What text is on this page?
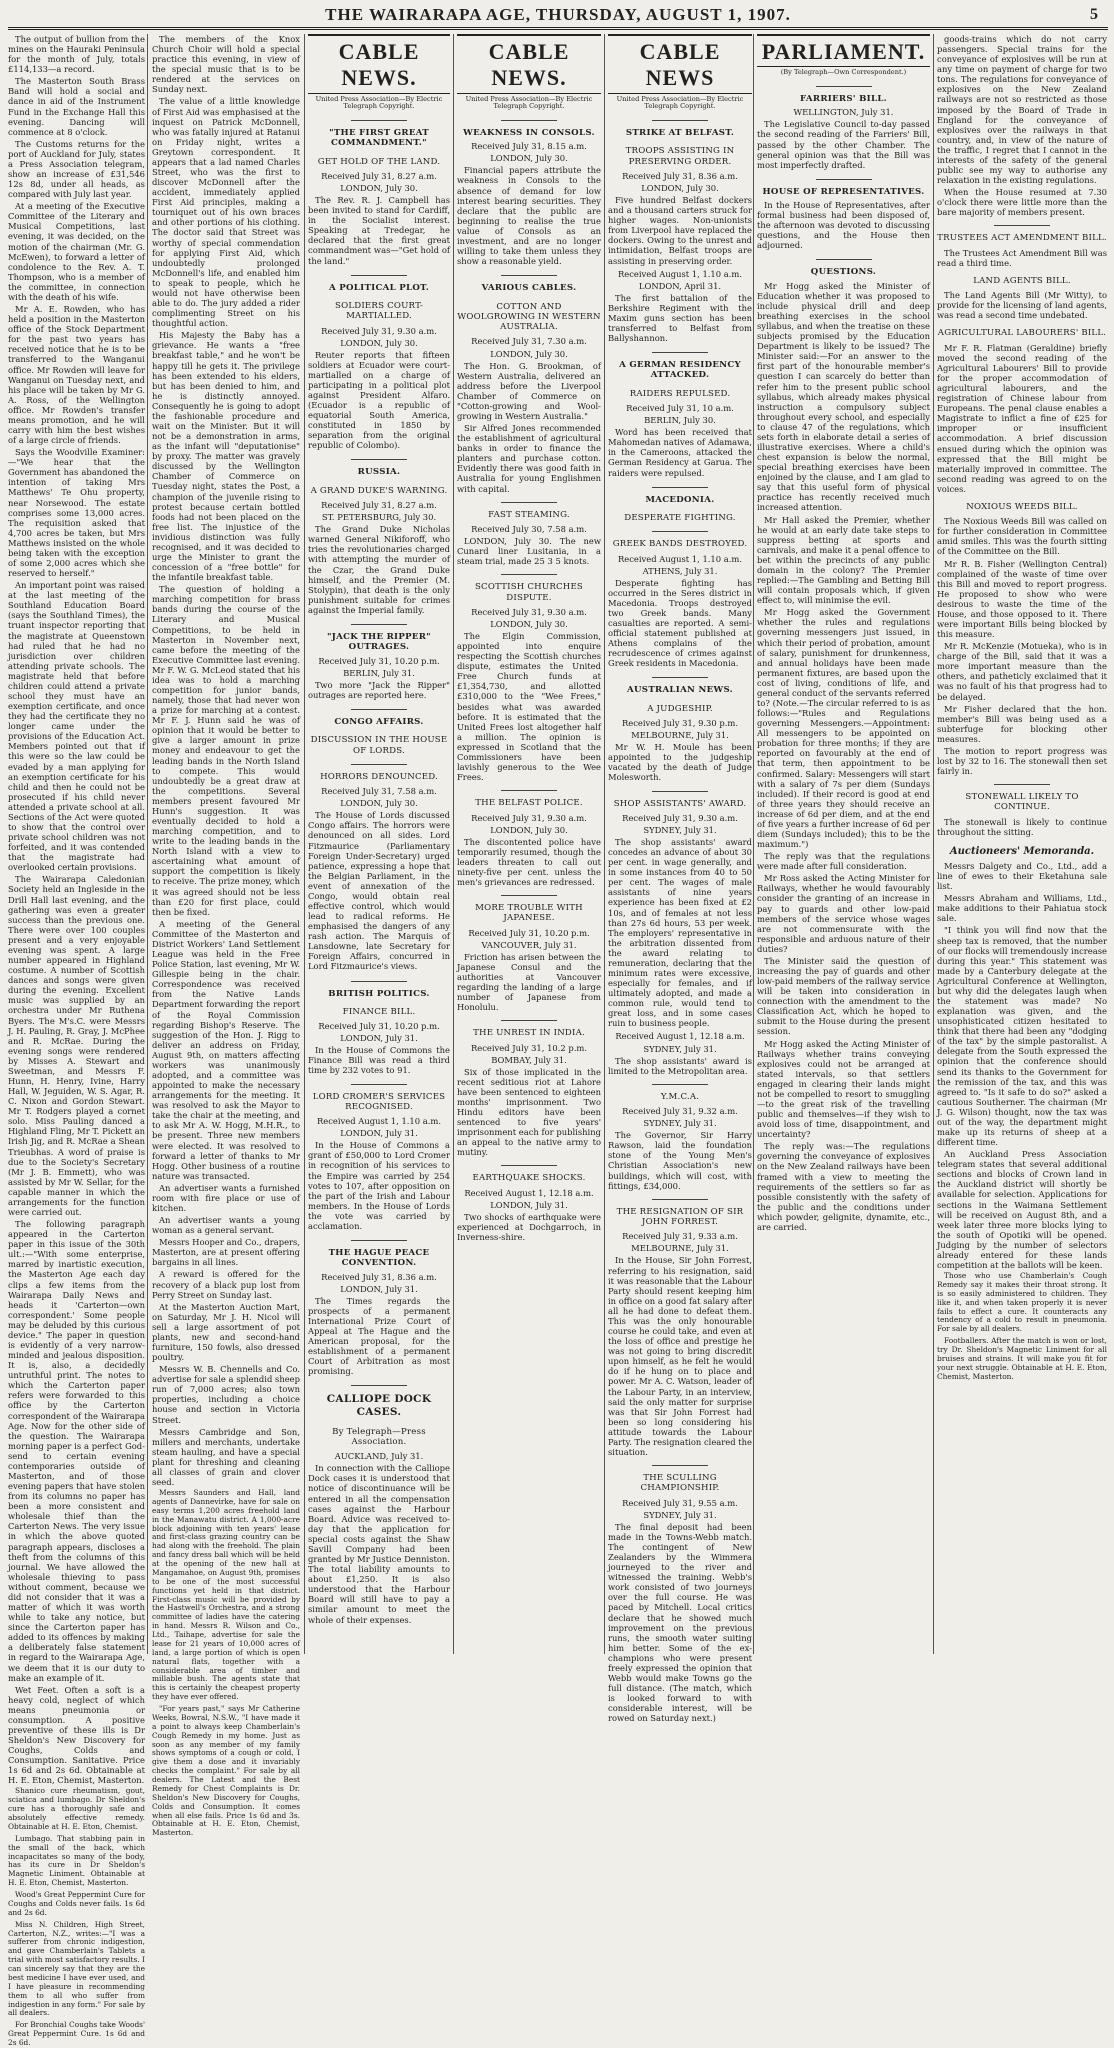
THE WAIRARAPA AGE, THURSDAY, AUGUST 1, 1907.	5

The output of bullion from the mines on the Hauraki Peninsula for the month of July, totals £114,133—a record.

The Masterton South Brass Band will hold a social and dance in aid of the Instrument Fund in the Exchange Hall this evening. Dancing will commence at 8 o'clock.

The Customs returns for the port of Auckland for July, states a Press Association telegram, show an increase of £31,546 12s 8d, under all heads, as compared with July last year.

At a meeting of the Executive Committee of the Literary and Musical Competitions, last evening, it was decided, on the motion of the chairman (Mr. G. McEwen), to forward a letter of condolence to the Rev. A. T. Thompson, who is a member of the committee, in connection with the death of his wife.

Mr A. E. Rowden, who has held a position in the Masterton office of the Stock Department for the past two years has received notice that he is to be transferred to the Wanganui office. Mr Rowden will leave for Wanganui on Tuesday next, and his place will be taken by Mr G. A. Ross, of the Wellington office. Mr Rowden's transfer means promotion, and he will carry with him the best wishes of a large circle of friends.

Says the Woodville Examiner:—"We hear that the Government has abandoned the intention of taking Mrs Matthews' Te Ohu property, near Norsewood. The estate comprises some 13,000 acres. The requisition asked that 4,700 acres be taken, but Mrs Matthews insisted on the whole being taken with the exception of some 2,000 acres which she reserved to herself."

An important point was raised at the last meeting of the Southland Education Board (says the Southland Times), the truant inspector reporting that the magistrate at Queenstown had ruled that he had no jurisdiction over children attending private schools. The magistrate held that before children could attend a private school they must have an exemption certificate, and once they had the certificate they no longer came under the provisions of the Education Act. Members pointed out that if this were so the law could be evaded by a man applying for an exemption certificate for his child and then he could not be prosecuted if his child never attended a private school at all. Sections of the Act were quoted to show that the control over private school children was not forfeited, and it was contended that the magistrate had overlooked certain provisions.

The Wairarapa Caledonian Society held an Ingleside in the Drill Hall last evening, and the gathering was even a greater success than the previous one. There were over 100 couples present and a very enjoyable evening was spent. A large number appeared in Highland costume. A number of Scottish dances and songs were given during the evening. Excellent music was supplied by an orchestra under Mr Ruthena Byers. The M's.C. were Messrs J. H. Pauling, R. Gray, J. McPhee and R. McRae. During the evening songs were rendered by Misses A. Stewart and Sweetman, and Messrs F. Hunn, H. Henry, Ivine, Harry Hall, W. Jeguiden, W. S. Agar, R. C. Nixon and Gordon Stewart. Mr T. Rodgers played a cornet solo. Miss Pauling danced a Highland Fling, Mr T. Pickett an Irish Jig, and R. McRae a Shean Trieubhas. A word of praise is due to the Society's Secretary (Mr J. B. Emmett), who was assisted by Mr W. Sellar, for the capable manner in which the arrangements for the function were carried out.

The following paragraph appeared in the Carterton paper in this issue of the 30th ult.:—"With some enterprise, marred by inartistic execution, the Masterton Age each day clips a few items from the Wairarapa Daily News and heads it 'Carterton—own correspondent.' Some people may be deluded by this curious device." The paper in question is evidently of a very narrow-minded and jealous disposition. It is, also, a decidedly untruthful print. The notes to which the Carterton paper refers were forwarded to this office by the Carterton correspondent of the Wairarapa Age. Now for the other side of the question. The Wairarapa morning paper is a perfect God-send to certain evening contemporaries outside of Masterton, and of those evening papers that have stolen from its columns no paper has been a more consistent and wholesale thief than the Carterton News. The very issue in which the above quoted paragraph appears, discloses a theft from the columns of this journal. We have allowed the wholesale thieving to pass without comment, because we did not consider that it was a matter of which it was worth while to take any notice, but since the Carterton paper has added to its offences by making a deliberately false statement in regard to the Wairarapa Age, we deem that it is our duty to make an example of it.

Wet Feet. Often a soft is a heavy cold, neglect of which means pneumonia or consumption. A positive preventive of these ills is Dr Sheldon's New Discovery for Coughs, Colds and Consumption. Sanitative. Price 1s 6d and 2s 6d. Obtainable at H. E. Eton, Chemist, Masterton.

Shanico cure rheumatism, gout, sciatica and lumbago. Dr Sheldon's cure has a thoroughly safe and absolutely effective remedy. Obtainable at H. E. Eton, Chemist.

Lumbago. That stabbing pain in the small of the back, which incapacitates so many of the body, has its cure in Dr Sheldon's Magnetic Liniment. Obtainable at H. E. Eton, Chemist, Masterton.

Wood's Great Peppermint Cure for Coughs and Colds never fails. 1s 6d and 2s 6d.

Miss N. Children, High Street, Carterton, N.Z., writes:—"I was a sufferer from chronic indigestion, and gave Chamberlain's Tablets a trial with most satisfactory results. I can sincerely say that they are the best medicine I have ever used, and I have pleasure in recommending them to all who suffer from indigestion in any form." For sale by all dealers.

For Bronchial Coughs take Woods' Great Peppermint Cure. 1s 6d and 2s 6d.

The members of the Knox Church Choir will hold a special practice this evening, in view of the special music that is to be rendered at the services on Sunday next.

The value of a little knowledge of First Aid was emphasised at the inquest on Patrick McDonnell, who was fatally injured at Ratanui on Friday night, writes a Greytown correspondent. It appears that a lad named Charles Street, who was the first to discover McDonnell after the accident, immediately applied First Aid principles, making a tourniquet out of his own braces and other portions of his clothing. The doctor said that Street was worthy of special commendation for applying First Aid, which undoubtedly prolonged McDonnell's life, and enabled him to speak to people, which he would not have otherwise been able to do. The jury added a rider complimenting Street on his thoughtful action.

His Majesty the Baby has a grievance. He wants a "free breakfast table," and he won't be happy till he gets it. The privilege has been extended to his elders, but has been denied to him, and he is distinctly annoyed. Consequently he is going to adopt the fashionable procedure and wait on the Minister. But it will not be a demonstration in arms, as the infant will "deputationise" by proxy. The matter was gravely discussed by the Wellington Chamber of Commerce on Tuesday night, states the Post, a champion of the juvenile rising to protest because certain bottled foods had not been placed on the free list. The injustice of the invidious distinction was fully recognised, and it was decided to urge the Minister to grant the concession of a "free bottle" for the infantile breakfast table.

The question of holding a marching competition for brass bands during the course of the Literary and Musical Competitions, to be held in Masterton in November next, came before the meeting of the Executive Committee last evening. Mr F. W. G. McLeod stated that his idea was to hold a marching competition for junior bands, namely, those that had never won a prize for marching at a contest. Mr F. J. Hunn said he was of opinion that it would be better to give a larger amount in prize money and endeavour to get the leading bands in the North Island to compete. This would undoubtedly be a great draw at the competitions. Several members present favoured Mr Hunn's suggestion. It was eventually decided to hold a marching competition, and to write to the leading bands in the North Island with a view to ascertaining what amount of support the competition is likely to receive. The prize money, which it was agreed should not be less than £20 for first place, could then be fixed.

A meeting of the General Committee of the Masterton and District Workers' Land Settlement League was held in the Free Police Station, last evening, Mr W. Gillespie being in the chair. Correspondence was received from the Native Lands Department forwarding the report of the Royal Commission regarding Bishop's Reserve. The suggestion of the Hon. J. Rigg to deliver an address on Friday, August 9th, on matters affecting workers was unanimously adopted, and a committee was appointed to make the necessary arrangements for the meeting. It was resolved to ask the Mayor to take the chair at the meeting, and to ask Mr A. W. Hogg, M.H.R., to be present. Three new members were elected. It was resolved to forward a letter of thanks to Mr Hogg. Other business of a routine nature was transacted.

An advertiser wants a furnished room with fire place or use of kitchen.

An advertiser wants a young woman as a general servant.

Messrs Hooper and Co., drapers, Masterton, are at present offering bargains in all lines.

A reward is offered for the recovery of a black pup lost from Perry Street on Sunday last.

At the Masterton Auction Mart, on Saturday, Mr J. H. Nicol will sell a large assortment of pot plants, new and second-hand furniture, 150 fowls, also dressed poultry.

Messrs W. B. Chennells and Co. advertise for sale a splendid sheep run of 7,000 acres; also town properties, including a choice house and section in Victoria Street.

Messrs Cambridge and Son, millers and merchants, undertake steam hauling, and have a special plant for threshing and cleaning all classes of grain and clover seed.

Messrs Saunders and Hall, land agents of Dannevirke, have for sale on easy terms 1,200 acres freehold land in the Manawatu district. A 1,000-acre block adjoining with ten years' lease and first-class grazing country can be had along with the freehold. The plain and fancy dress ball which will be held at the opening of the new hall at Mangamahoe, on August 9th, promises to be one of the most successful functions yet held in that district. First-class music will be provided by the Hastwell's Orchestra, and a strong committee of ladies have the catering in hand. Messrs R. Wilson and Co., Ltd., Taihape, advertise for sale the lease for 21 years of 10,000 acres of land, a large portion of which is open natural flats, together with a considerable area of timber and millable bush. The agents state that this is certainly the cheapest property they have ever offered.

"For years past," says Mr Catherine Weeks, Bowral, N.S.W., "I have made it a point to always keep Chamberlain's Cough Remedy in my home. Just as soon as any member of my family shows symptoms of a cough or cold, I give them a dose and it invariably checks the complaint." For sale by all dealers. The Latest and the Best Remedy for Chest Complaints is Dr. Sheldon's New Discovery for Coughs, Colds and Consumption. It comes when all else fails. Price 1s 6d and 3s. Obtainable at H. E. Eton, Chemist, Masterton.

CABLE NEWS.
United Press Association—By Electric Telegraph Copyright.
"THE FIRST GREAT COMMANDMENT."
GET HOLD OF THE LAND.

Received July 31, 8.27 a.m.

LONDON, July 30.

The Rev. R. J. Campbell has been invited to stand for Cardiff, in the Socialist interest. Speaking at Tredegar, he declared that the first great commandment was—"Get hold of the land."

A POLITICAL PLOT.
SOLDIERS COURT-MARTIALLED.

Received July 31, 9.30 a.m.

LONDON, July 30.

Reuter reports that fifteen soldiers at Ecuador were court-martialled on a charge of participating in a political plot against President Alfaro. (Ecuador is a republic of equatorial South America, constituted in 1850 by separation from the original republic of Colombo).

RUSSIA.
A GRAND DUKE'S WARNING.

Received July 31, 8.27 a.m.

ST. PETERSBURG, July 30.

The Grand Duke Nicholas warned General Nikiforoff, who tries the revolutionaries charged with attempting the murder of the Czar, the Grand Duke himself, and the Premier (M. Stolypin), that death is the only punishment suitable for crimes against the Imperial family.

"JACK THE RIPPER" OUTRAGES.

Received July 31, 10.20 p.m.

BERLIN, July 31.

Two more "Jack the Ripper" outrages are reported here.

CONGO AFFAIRS.
DISCUSSION IN THE HOUSE OF LORDS.
HORRORS DENOUNCED.

Received July 31, 7.58 a.m.

LONDON, July 30.

The House of Lords discussed Congo affairs. The horrors were denounced on all sides. Lord Fitzmaurice (Parliamentary Foreign Under-Secretary) urged patience, expressing a hope that the Belgian Parliament, in the event of annexation of the Congo, would obtain real effective control, which would lead to radical reforms. He emphasised the dangers of any rash action. The Marquis of Lansdowne, late Secretary for Foreign Affairs, concurred in Lord Fitzmaurice's views.

BRITISH POLITICS.
FINANCE BILL.

Received July 31, 10.20 p.m.

LONDON, July 31.

In the House of Commons the Finance Bill was read a third time by 232 votes to 91.

LORD CROMER'S SERVICES RECOGNISED.

Received August 1, 1.10 a.m.

LONDON, July 31.

In the House of Commons a grant of £50,000 to Lord Cromer in recognition of his services to the Empire was carried by 254 votes to 107, after opposition on the part of the Irish and Labour members. In the House of Lords the vote was carried by acclamation.

THE HAGUE PEACE CONVENTION.

Received July 31, 8.36 a.m.

LONDON, July 31.

The Times regards the prospects of a permanent International Prize Court of Appeal at The Hague and the American proposal, for the establishment of a permanent Court of Arbitration as most promising.

CALLIOPE DOCK CASES.
By Telegraph—Press Association.

AUCKLAND, July 31.

In connection with the Calliope Dock cases it is understood that notice of discontinuance will be entered in all the compensation cases against the Harbour Board. Advice was received to-day that the application for special costs against the Shaw Savill Company had been granted by Mr Justice Denniston. The total liability amounts to about £1,250. It is also understood that the Harbour Board will still have to pay a similar amount to meet the whole of their expenses.

CABLE NEWS.
United Press Association—By Electric Telegraph Copyright.
WEAKNESS IN CONSOLS.

Received July 31, 8.15 a.m.

LONDON, July 30.

Financial papers attribute the weakness in Consols to the absence of demand for low interest bearing securities. They declare that the public are beginning to realise the true value of Consols as an investment, and are no longer willing to take them unless they show a reasonable yield.

VARIOUS CABLES.
COTTON AND WOOLGROWING IN WESTERN AUSTRALIA.

Received July 31, 7.30 a.m.

LONDON, July 30.

The Hon. G. Brookman, of Western Australia, delivered an address before the Liverpool Chamber of Commerce on "Cotton-growing and Wool-growing in Western Australia."

Sir Alfred Jones recommended the establishment of agricultural banks in order to finance the planters and purchase cotton. Evidently there was good faith in Australia for young Englishmen with capital.

FAST STEAMING.

Received July 30, 7.58 a.m.

LONDON, July 30. The new Cunard liner Lusitania, in a steam trial, made 25 3 5 knots.

SCOTTISH CHURCHES DISPUTE.

Received July 31, 9.30 a.m.

LONDON, July 30.

The Elgin Commission, appointed into enquire respecting the Scottish churches dispute, estimates the United Free Church funds at £1,354,730, and allotted £310,000 to the "Wee Frees," besides what was awarded before. It is estimated that the United Frees lost altogether half a million. The opinion is expressed in Scotland that the Commissioners have been lavishly generous to the Wee Frees.

THE BELFAST POLICE.

Received July 31, 9.30 a.m.

LONDON, July 30.

The discontented police have temporarily resumed, though the leaders threaten to call out ninety-five per cent. unless the men's grievances are redressed.

MORE TROUBLE WITH JAPANESE.

Received July 31, 10.20 p.m.

VANCOUVER, July 31.

Friction has arisen between the Japanese Consul and the authorities at Vancouver regarding the landing of a large number of Japanese from Honolulu.

THE UNREST IN INDIA.

Received July 31, 10.2 p.m.

BOMBAY, July 31.

Six of those implicated in the recent seditious riot at Lahore have been sentenced to eighteen months' imprisonment. Two Hindu editors have been sentenced to five years' imprisonment each for publishing an appeal to the native army to mutiny.

EARTHQUAKE SHOCKS.

Received August 1, 12.18 a.m.

LONDON, July 31.

Two shocks of earthquake were experienced at Dochgarroch, in Inverness-shire.

CABLE NEWS
United Press Association—By Electric Telegraph Copyright.
STRIKE AT BELFAST.
TROOPS ASSISTING IN PRESERVING ORDER.

Received July 31, 8.36 a.m.

LONDON, July 30.

Five hundred Belfast dockers and a thousand carters struck for higher wages. Non-unionists from Liverpool have replaced the dockers. Owing to the unrest and intimidation, Belfast troops are assisting in preserving order.

Received August 1, 1.10 a.m.

LONDON, April 31.

The first battalion of the Berkshire Regiment with the Maxim guns section has been transferred to Belfast from Ballyshannon.

A GERMAN RESIDENCY ATTACKED.
RAIDERS REPULSED.

Received July 31, 10 a.m.

BERLIN, July 30.

Word has been received that Mahomedan natives of Adamawa, in the Cameroons, attacked the German Residency at Garua. The raiders were repulsed.

MACEDONIA.
DESPERATE FIGHTING.
GREEK BANDS DESTROYED.

Received August 1, 1.10 a.m.

ATHENS, July 31.

Desperate fighting has occurred in the Seres district in Macedonia. Troops destroyed two Greek bands. Many casualties are reported. A semi-official statement published at Athens complains of the recrudescence of crimes against Greek residents in Macedonia.

AUSTRALIAN NEWS.
A JUDGESHIP.

Received July 31, 9.30 p.m.

MELBOURNE, July 31.

Mr W. H. Moule has been appointed to the judgeship vacated by the death of Judge Molesworth.

SHOP ASSISTANTS' AWARD.

Received July 31, 9.30 a.m.

SYDNEY, July 31.

The shop assistants' award concedes an advance of about 30 per cent. in wage generally, and in some instances from 40 to 50 per cent. The wages of male assistants of nine years experience has been fixed at £2 10s, and of females at not less than 27s 6d hours, 53 per week. The employers' representative in the arbitration dissented from the award relating to remuneration, declaring that the minimum rates were excessive, especially for females, and if ultimately adopted, and made a common rule, would tend to great loss, and in some cases ruin to business people.

Received August 1, 12.18 a.m.

SYDNEY, July 31.

The shop assistants' award is limited to the Metropolitan area.

Y.M.C.A.

Received July 31, 9.32 a.m.

SYDNEY, July 31.

The Governor, Sir Harry Rawson, laid the foundation stone of the Young Men's Christian Association's new buildings, which will cost, with fittings, £34,000.

THE RESIGNATION OF SIR JOHN FORREST.

Received July 31, 9.33 a.m.

MELBOURNE, July 31.

In the House, Sir John Forrest, referring to his resignation, said it was reasonable that the Labour Party should resent keeping him in office on a good fat salary after all he had done to defeat them. This was the only honourable course he could take, and even at the loss of office and prestige he was not going to bring discredit upon himself, as he felt he would do if he hung on to place and power. Mr A. C. Watson, leader of the Labour Party, in an interview, said the only matter for surprise was that Sir John Forrest had been so long considering his attitude towards the Labour Party. The resignation cleared the situation.

THE SCULLING CHAMPIONSHIP.

Received July 31, 9.55 a.m.

SYDNEY, July 31.

The final deposit had been made in the Towns-Webb match. The contingent of New Zealanders by the Wimmera journeyed to the river and witnessed the training. Webb's work consisted of two journeys over the full course. He was paced by Mitchell. Local critics declare that he showed much improvement on the previous runs, the smooth water suiting him better. Some of the ex-champions who were present freely expressed the opinion that Webb would make Towns go the full distance. (The match, which is looked forward to with considerable interest, will be rowed on Saturday next.)

PARLIAMENT.
(By Telegraph—Own Correspondent.)
FARRIERS' BILL.

WELLINGTON, July 31.

The Legislative Council to-day passed the second reading of the Farriers' Bill, passed by the other Chamber. The general opinion was that the Bill was most imperfectly drafted.

HOUSE OF REPRESENTATIVES.

In the House of Representatives, after formal business had been disposed of, the afternoon was devoted to discussing questions, and the House then adjourned.

QUESTIONS.

Mr Hogg asked the Minister of Education whether it was proposed to include physical drill and deep breathing exercises in the school syllabus, and when the treatise on these subjects promised by the Education Department is likely to be issued? The Minister said:—For an answer to the first part of the honourable member's question I can scarcely do better than refer him to the present public school syllabus, which already makes physical instruction a compulsory subject throughout every school, and especially to clause 47 of the regulations, which sets forth in elaborate detail a series of illustrative exercises. Where a child's chest expansion is below the normal, special breathing exercises have been enjoined by the clause, and I am glad to say that this useful form of physical practice has recently received much increased attention.

Mr Hall asked the Premier, whether he would at an early date take steps to suppress betting at sports and carnivals, and make it a penal offence to bet within the precincts of any public domain in the colony? The Premier replied:—The Gambling and Betting Bill will contain proposals which, if given effect to, will minimise the evil.

Mr Hogg asked the Government whether the rules and regulations governing messengers just issued, in which their period of probation, amount of salary, punishment for drunkenness, and annual holidays have been made permanent fixtures, are based upon the cost of living, conditions of life, and general conduct of the servants referred to? (Note.—The circular referred to is as follows:—"Rules and Regulations governing Messengers.—Appointment: All messengers to be appointed on probation for three months; if they are reported on favourably at the end of that term, then appointment to be confirmed. Salary: Messengers will start with a salary of 7s per diem (Sundays included). If their record is good at end of three years they should receive an increase of 6d per diem, and at the end of five years a further increase of 6d per diem (Sundays included); this to be the maximum.")

The reply was that the regulations were made after full consideration.

Mr Ross asked the Acting Minister for Railways, whether he would favourably consider the granting of an increase in pay to guards and other low-paid members of the service whose wages are not commensurate with the responsible and arduous nature of their duties?

The Minister said the question of increasing the pay of guards and other low-paid members of the railway service will be taken into consideration in connection with the amendment to the Classification Act, which he hoped to submit to the House during the present session.

Mr Hogg asked the Acting Minister of Railways whether trains conveying explosives could not be arranged at stated intervals, so that settlers engaged in clearing their lands might not be compelled to resort to smuggling—to the great risk of the travelling public and themselves—if they wish to avoid loss of time, disappointment, and uncertainty?

The reply was:—The regulations governing the conveyance of explosives on the New Zealand railways have been framed with a view to meeting the requirements of the settlers so far as possible consistently with the safety of the public and the conditions under which powder, gelignite, dynamite, etc., are carried.

goods-trains which do not carry passengers. Special trains for the conveyance of explosives will be run at any time on payment of charge for two tons. The regulations for conveyance of explosives on the New Zealand railways are not so restricted as those imposed by the Board of Trade in England for the conveyance of explosives over the railways in that country, and, in view of the nature of the traffic, I regret that I cannot in the interests of the safety of the general public see my way to authorise any relaxation in the existing regulations.

When the House resumed at 7.30 o'clock there were little more than the bare majority of members present.

TRUSTEES ACT AMENDMENT BILL.

The Trustees Act Amendment Bill was read a third time.

LAND AGENTS BILL.

The Land Agents Bill (Mr Witty), to provide for the licensing of land agents, was read a second time undebated.

AGRICULTURAL LABOURERS' BILL.

Mr F. R. Flatman (Geraldine) briefly moved the second reading of the Agricultural Labourers' Bill to provide for the proper accommodation of agricultural labourers, and the registration of Chinese labour from Europeans. The penal clause enables a Magistrate to inflict a fine of £25 for improper or insufficient accommodation. A brief discussion ensued during which the opinion was expressed that the Bill might be materially improved in committee. The second reading was agreed to on the voices.

NOXIOUS WEEDS BILL.

The Noxious Weeds Bill was called on for further consideration in Committee amid smiles. This was the fourth sitting of the Committee on the Bill.

Mr R. B. Fisher (Wellington Central) complained of the waste of time over this Bill and moved to report progress. He proposed to show who were desirous to waste the time of the House, and those opposed to it. There were important Bills being blocked by this measure.

Mr R. McKenzie (Motueka), who is in charge of the Bill, said that it was a more important measure than the others, and patheticly exclaimed that it was no fault of his that progress had to be delayed.

Mr Fisher declared that the hon. member's Bill was being used as a subterfuge for blocking other measures.

The motion to report progress was lost by 32 to 16. The stonewall then set fairly in.

STONEWALL LIKELY TO CONTINUE.

The stonewall is likely to continue throughout the sitting.

Auctioneers' Memoranda.

Messrs Dalgety and Co., Ltd., add a line of ewes to their Eketahuna sale list.

Messrs Abraham and Williams, Ltd., make additions to their Pahiatua stock sale.

"I think you will find now that the sheep tax is removed, that the number of our flocks will tremendously increase during this year." This statement was made by a Canterbury delegate at the Agricultural Conference at Wellington, but why did the delegates laugh when the statement was made? No explanation was given, and the unsophisticated citizen hesitated to think that there had been any "dodging of the tax" by the simple pastoralist. A delegate from the South expressed the opinion that the conference should send its thanks to the Government for the remission of the tax, and this was agreed to. "Is it safe to do so?" asked a cautious Southerner. The chairman (Mr J. G. Wilson) thought, now the tax was out of the way, the department might make up its returns of sheep at a different time.

An Auckland Press Association telegram states that several additional sections and blocks of Crown land in the Auckland district will shortly be available for selection. Applications for sections in the Waimana Settlement will be received on August 8th, and a week later three more blocks lying to the south of Opotiki will be opened. Judging by the number of selectors already entered for these lands competition at the ballots will be keen.

Those who use Chamberlain's Cough Remedy say it makes their throat strong. It is so easily administered to children. They like it, and when taken properly it is never fails to effect a cure. It counteracts any tendency of a cold to result in pneumonia. For sale by all dealers.

Footballers. After the match is won or lost, try Dr. Sheldon's Magnetic Liniment for all bruises and strains. It will make you fit for your next struggle. Obtainable at H. E. Eton, Chemist, Masterton.
